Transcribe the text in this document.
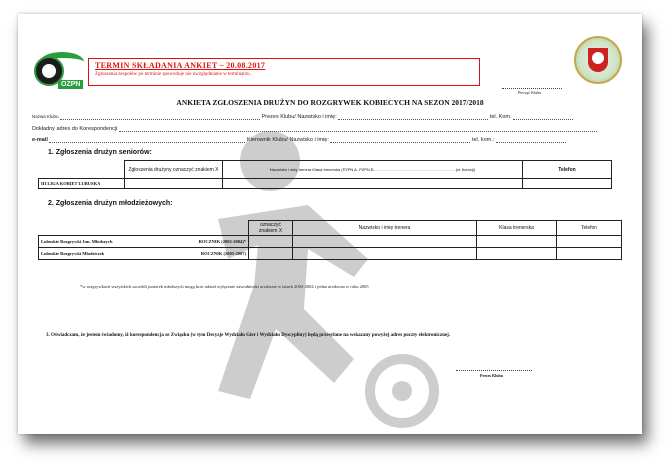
OZPN
TERMIN SKŁADANIA ANKIET – 20.08.2017
Zgłoszenia zespołów po terminie spowoduje nie uwzględnianie w terminarzu .
Pieczęć Klubu
ANKIETA ZGŁOSZENIA DRUŻYN DO ROZGRYWEK KOBIECYCH NA SEZON 2017/2018
Nazwa Klubu	Prezes Klubu/ Nazwisko i imię:	tel. Kom.
Dokładny adres do Korespondencji
e-mail	Kierownik Klubu/ Nazwisko i imię:	tel. kom.:
1. Zgłoszenia drużyn seniorów:
	Zgłoszenia drużyny oznaczyć znakiem X	Nazwisko i imię trenera Klasa trenerska (PZPN A, PZPN B……………………………………………………..(nr licencji)	Telefon
III LIGA KOBIET LUBUSKA			
2. Zgłoszenia drużyn młodzieżowych:
	oznaczyć znakiem X	Nazwisko i imię trenera	Klasa trenerska	Telefon
Lubuskie Rozgrywki Jun. Młodszych ROCZNIK (2002-2004)*				

Lubuskie Rozgrywki Młodziczek ROCZNIK (2005-2007)				

*w rozgrywkach wszystkich szczebli juniorek młodszych mogą brać udział wyłącznie zawodniczki urodzone w latach 2002-2004 i jedna urodzona w roku 2005
3. Oświadczam, że jestem świadomy, iż korespondencja ze Związku (w tym Decyzje Wydziału Gier i Wydziału Dyscypliny) będą przesyłane na wskazany powyżej adres poczty elektronicznej.
Prezes Klubu
